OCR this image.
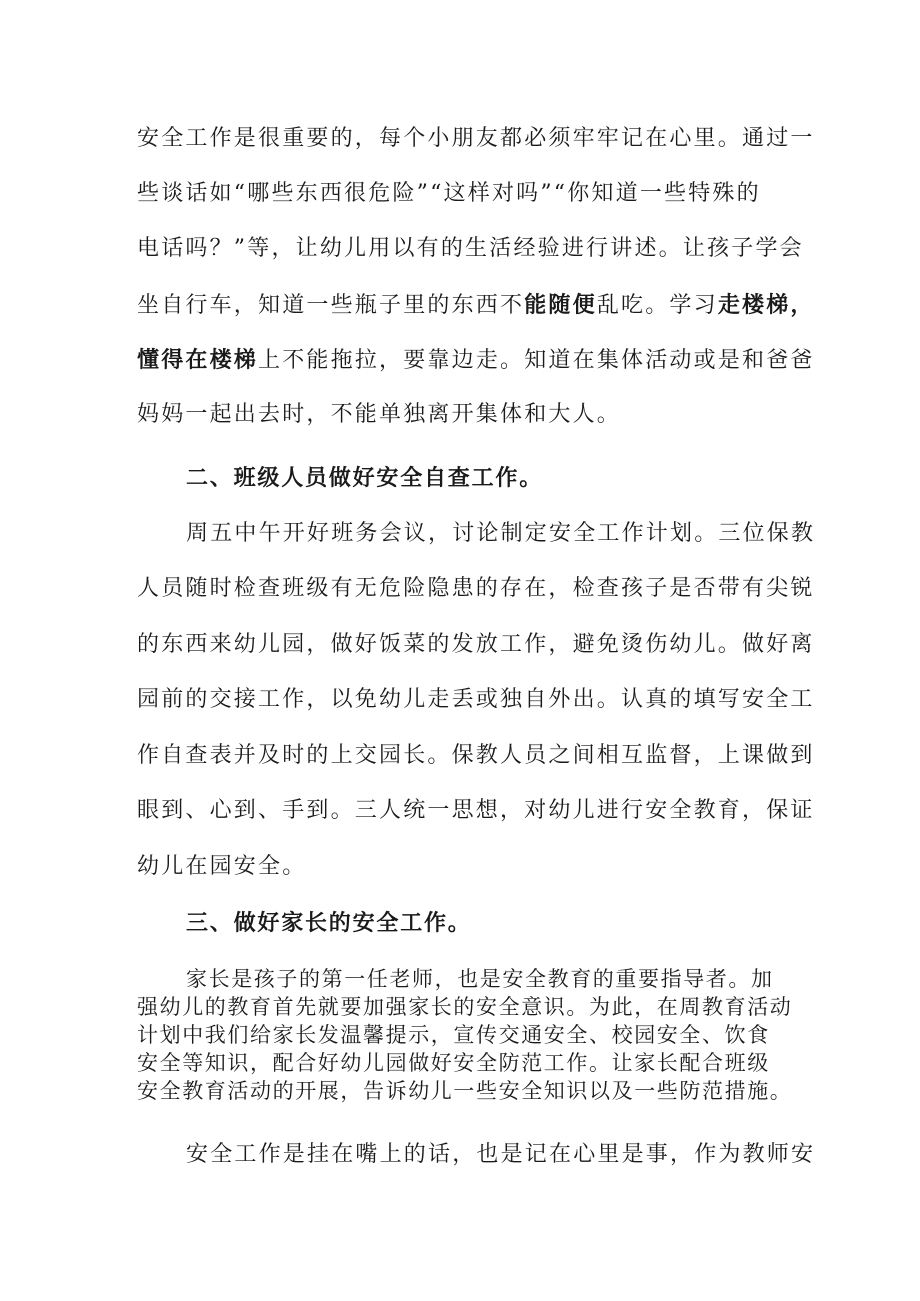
安全工作是很重要的，每个小朋友都必须牢牢记在心里。通过一
些谈话如“哪些东西很危险”“这样对吗”“你知道一些特殊的
电话吗？”等，让幼儿用以有的生活经验进行讲述。让孩子学会
坐自行车，知道一些瓶子里的东西不能随便乱吃。学习走楼梯，
懂得在楼梯上不能拖拉，要靠边走。知道在集体活动或是和爸爸
妈妈一起出去时，不能单独离开集体和大人。
二、班级人员做好安全自查工作。
周五中午开好班务会议，讨论制定安全工作计划。三位保教
人员随时检查班级有无危险隐患的存在，检查孩子是否带有尖锐
的东西来幼儿园，做好饭菜的发放工作，避免烫伤幼儿。做好离
园前的交接工作，以免幼儿走丢或独自外出。认真的填写安全工
作自查表并及时的上交园长。保教人员之间相互监督，上课做到
眼到、心到、手到。三人统一思想，对幼儿进行安全教育，保证
幼儿在园安全。
三、做好家长的安全工作。
家长是孩子的第一任老师，也是安全教育的重要指导者。加
强幼儿的教育首先就要加强家长的安全意识。为此，在周教育活动
计划中我们给家长发温馨提示，宣传交通安全、校园安全、饮食
安全等知识，配合好幼儿园做好安全防范工作。让家长配合班级
安全教育活动的开展，告诉幼儿一些安全知识以及一些防范措施。
安全工作是挂在嘴上的话，也是记在心里是事，作为教师安
